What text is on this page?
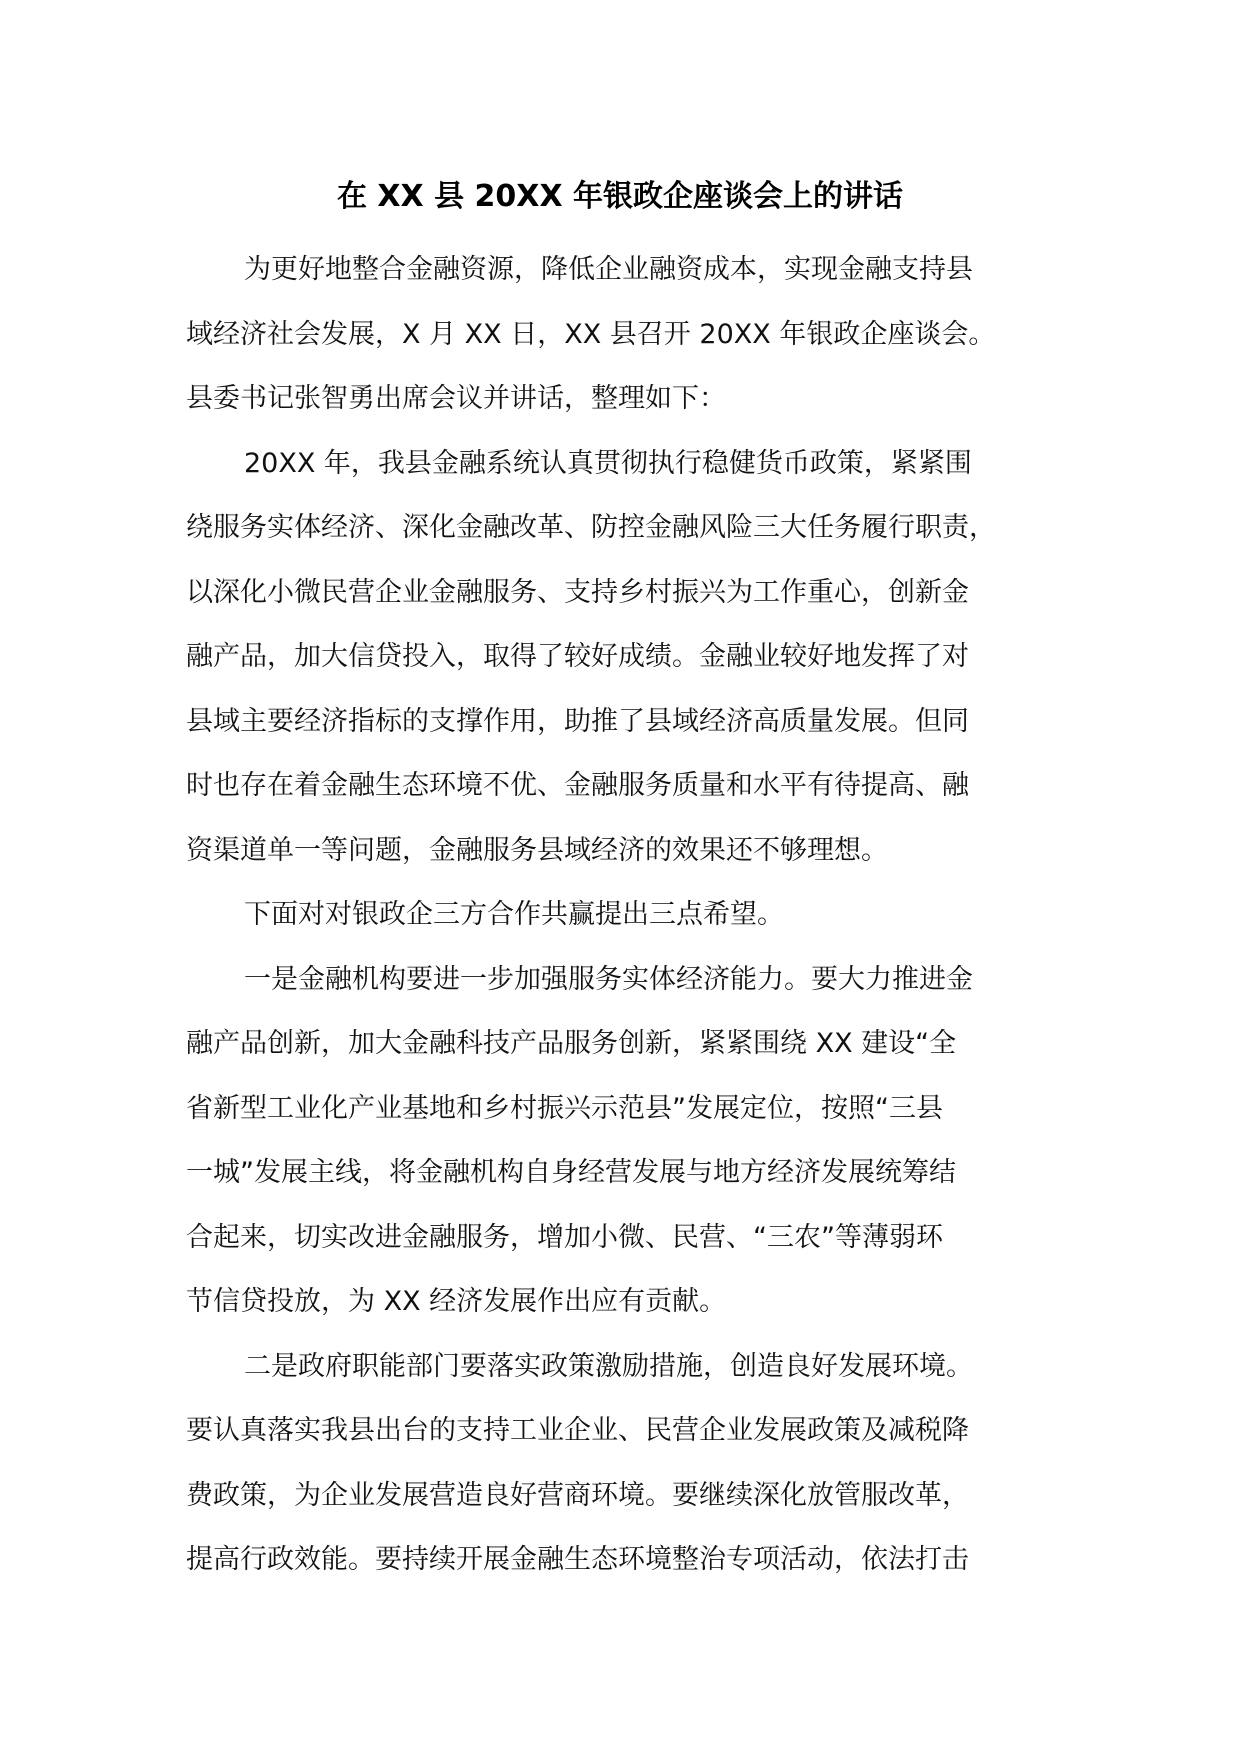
在 XX 县 20XX 年银政企座谈会上的讲话
为更好地整合金融资源，降低企业融资成本，实现金融支持县
域经济社会发展，X 月 XX 日，XX 县召开 20XX 年银政企座谈会。
县委书记张智勇出席会议并讲话，整理如下：
20XX 年，我县金融系统认真贯彻执行稳健货币政策，紧紧围
绕服务实体经济、深化金融改革、防控金融风险三大任务履行职责，
以深化小微民营企业金融服务、支持乡村振兴为工作重心，创新金
融产品，加大信贷投入，取得了较好成绩。金融业较好地发挥了对
县域主要经济指标的支撑作用，助推了县域经济高质量发展。但同
时也存在着金融生态环境不优、金融服务质量和水平有待提高、融
资渠道单一等问题，金融服务县域经济的效果还不够理想。
下面对对银政企三方合作共赢提出三点希望。
一是金融机构要进一步加强服务实体经济能力。要大力推进金
融产品创新，加大金融科技产品服务创新，紧紧围绕 XX 建设“全
省新型工业化产业基地和乡村振兴示范县”发展定位，按照“三县
一城”发展主线，将金融机构自身经营发展与地方经济发展统筹结
合起来，切实改进金融服务，增加小微、民营、“三农”等薄弱环
节信贷投放，为 XX 经济发展作出应有贡献。
二是政府职能部门要落实政策激励措施，创造良好发展环境。
要认真落实我县出台的支持工业企业、民营企业发展政策及减税降
费政策，为企业发展营造良好营商环境。要继续深化放管服改革，
提高行政效能。要持续开展金融生态环境整治专项活动，依法打击
